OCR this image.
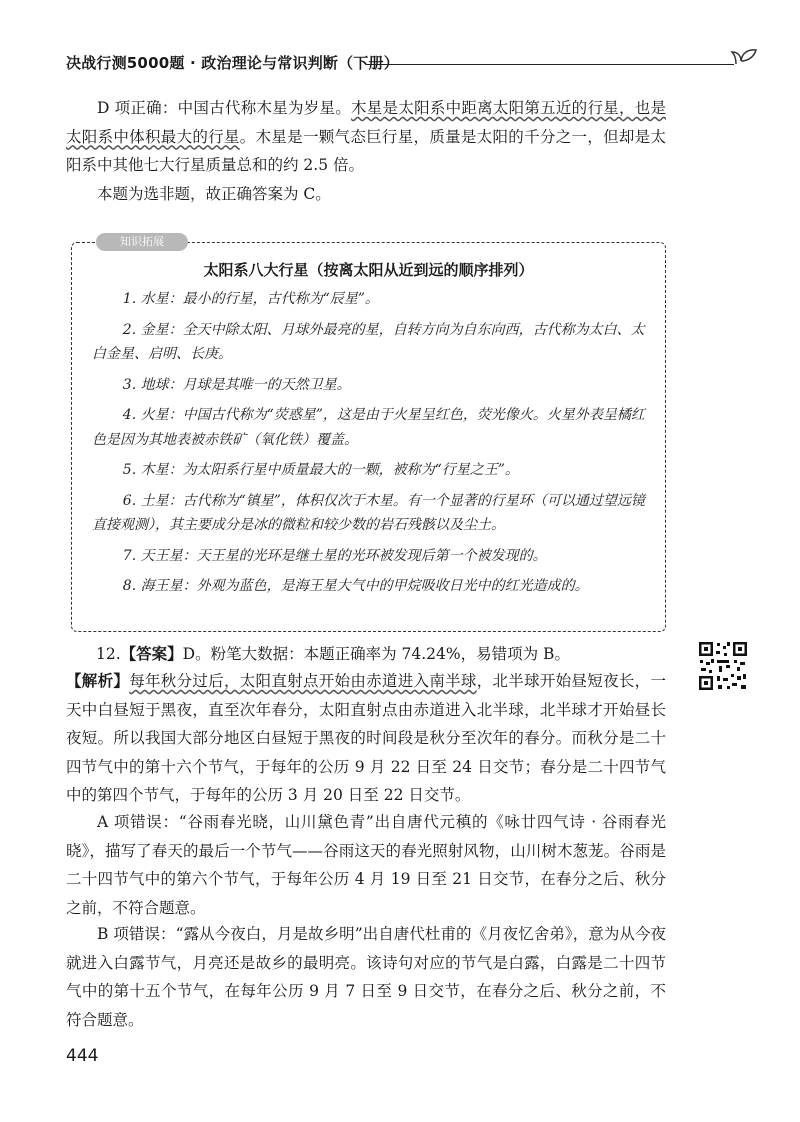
决战行测5000题 · 政治理论与常识判断（下册）

D 项正确：中国古代称木星为岁星。木星是太阳系中距离太阳第五近的行星，也是太阳系中体积最大的行星。木星是一颗气态巨行星，质量是太阳的千分之一，但却是太阳系中其他七大行星质量总和的约 2.5 倍。

本题为选非题，故正确答案为 C。

知识拓展
太阳系八大行星（按离太阳从近到远的顺序排列）
1. 水星：最小的行星，古代称为“辰星”。
2. 金星：全天中除太阳、月球外最亮的星，自转方向为自东向西，古代称为太白、太白金星、启明、长庚。
3. 地球：月球是其唯一的天然卫星。
4. 火星：中国古代称为“荧惑星”，这是由于火星呈红色，荧光像火。火星外表呈橘红色是因为其地表被赤铁矿（氧化铁）覆盖。
5. 木星：为太阳系行星中质量最大的一颗，被称为“行星之王”。
6. 土星：古代称为“镇星”，体积仅次于木星。有一个显著的行星环（可以通过望远镜直接观测），其主要成分是冰的微粒和较少数的岩石残骸以及尘土。
7. 天王星：天王星的光环是继土星的光环被发现后第一个被发现的。
8. 海王星：外观为蓝色，是海王星大气中的甲烷吸收日光中的红光造成的。
12.【答案】D。粉笔大数据：本题正确率为 74.24%，易错项为 B。

【解析】每年秋分过后，太阳直射点开始由赤道进入南半球，北半球开始昼短夜长，一天中白昼短于黑夜，直至次年春分，太阳直射点由赤道进入北半球，北半球才开始昼长夜短。所以我国大部分地区白昼短于黑夜的时间段是秋分至次年的春分。而秋分是二十四节气中的第十六个节气，于每年的公历 9 月 22 日至 24 日交节；春分是二十四节气中的第四个节气，于每年的公历 3 月 20 日至 22 日交节。

A 项错误：“谷雨春光晓，山川黛色青”出自唐代元稹的《咏廿四气诗 · 谷雨春光晓》，描写了春天的最后一个节气——谷雨这天的春光照射风物，山川树木葱茏。谷雨是二十四节气中的第六个节气，于每年公历 4 月 19 日至 21 日交节，在春分之后、秋分之前，不符合题意。

B 项错误：“露从今夜白，月是故乡明”出自唐代杜甫的《月夜忆舍弟》，意为从今夜就进入白露节气，月亮还是故乡的最明亮。该诗句对应的节气是白露，白露是二十四节气中的第十五个节气，在每年公历 9 月 7 日至 9 日交节，在春分之后、秋分之前，不符合题意。

444
